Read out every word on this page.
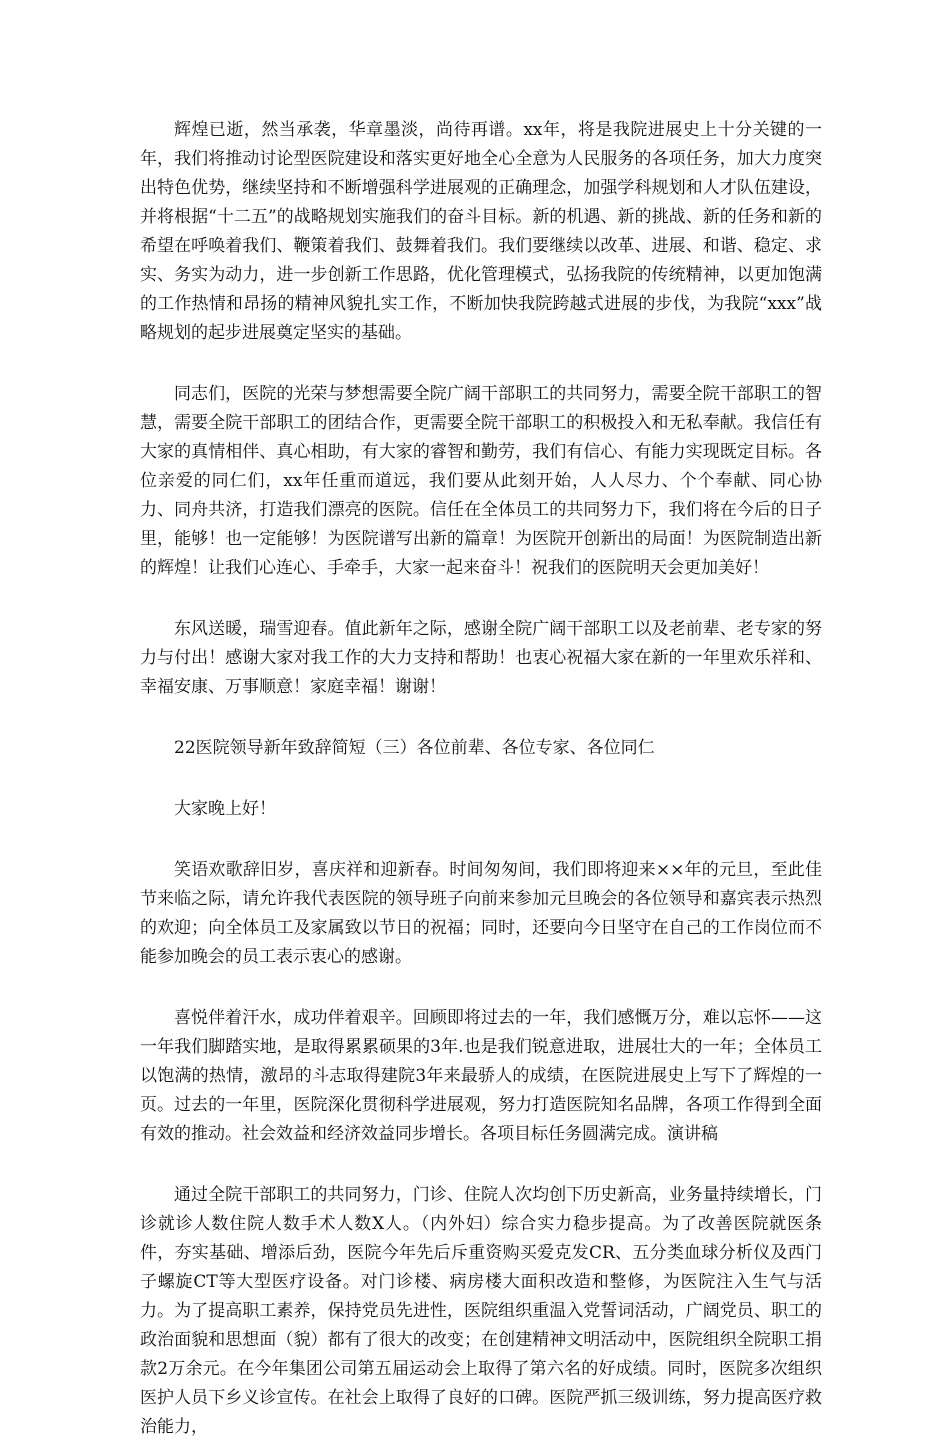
辉煌已逝，然当承袭，华章墨淡，尚待再谱。xx年，将是我院进展史上十分关键的一年，我们将推动讨论型医院建设和落实更好地全心全意为人民服务的各项任务，加大力度突出特色优势，继续坚持和不断增强科学进展观的正确理念，加强学科规划和人才队伍建设，并将根据“十二五”的战略规划实施我们的奋斗目标。新的机遇、新的挑战、新的任务和新的希望在呼唤着我们、鞭策着我们、鼓舞着我们。我们要继续以改革、进展、和谐、稳定、求实、务实为动力，进一步创新工作思路，优化管理模式，弘扬我院的传统精神，以更加饱满的工作热情和昂扬的精神风貌扎实工作，不断加快我院跨越式进展的步伐，为我院“xxx”战略规划的起步进展奠定坚实的基础。

同志们，医院的光荣与梦想需要全院广阔干部职工的共同努力，需要全院干部职工的智慧，需要全院干部职工的团结合作，更需要全院干部职工的积极投入和无私奉献。我信任有大家的真情相伴、真心相助，有大家的睿智和勤劳，我们有信心、有能力实现既定目标。各位亲爱的同仁们，xx年任重而道远，我们要从此刻开始，人人尽力、个个奉献、同心协力、同舟共济，打造我们漂亮的医院。信任在全体员工的共同努力下，我们将在今后的日子里，能够！也一定能够！为医院谱写出新的篇章！为医院开创新出的局面！为医院制造出新的辉煌！让我们心连心、手牵手，大家一起来奋斗！祝我们的医院明天会更加美好！

东风送暖，瑞雪迎春。值此新年之际，感谢全院广阔干部职工以及老前辈、老专家的努力与付出！感谢大家对我工作的大力支持和帮助！也衷心祝福大家在新的一年里欢乐祥和、幸福安康、万事顺意！家庭幸福！谢谢！

22医院领导新年致辞简短（三）各位前辈、各位专家、各位同仁

大家晚上好！

笑语欢歌辞旧岁，喜庆祥和迎新春。时间匆匆间，我们即将迎来××年的元旦，至此佳节来临之际，请允许我代表医院的领导班子向前来参加元旦晚会的各位领导和嘉宾表示热烈的欢迎；向全体员工及家属致以节日的祝福；同时，还要向今日坚守在自己的工作岗位而不能参加晚会的员工表示衷心的感谢。

喜悦伴着汗水，成功伴着艰辛。回顾即将过去的一年，我们感慨万分，难以忘怀——这一年我们脚踏实地，是取得累累硕果的3年.也是我们锐意进取，进展壮大的一年；全体员工以饱满的热情，激昂的斗志取得建院3年来最骄人的成绩，在医院进展史上写下了辉煌的一页。过去的一年里，医院深化贯彻科学进展观，努力打造医院知名品牌，各项工作得到全面有效的推动。社会效益和经济效益同步增长。各项目标任务圆满完成。演讲稿

通过全院干部职工的共同努力，门诊、住院人次均创下历史新高，业务量持续增长，门诊就诊人数住院人数手术人数X人。（内外妇）综合实力稳步提高。为了改善医院就医条件，夯实基础、增添后劲，医院今年先后斥重资购买爱克发CR、五分类血球分析仪及西门子螺旋CT等大型医疗设备。对门诊楼、病房楼大面积改造和整修，为医院注入生气与活力。为了提高职工素养，保持党员先进性，医院组织重温入党誓词活动，广阔党员、职工的政治面貌和思想面（貌）都有了很大的改变；在创建精神文明活动中，医院组织全院职工捐款2万余元。在今年集团公司第五届运动会上取得了第六名的好成绩。同时，医院多次组织医护人员下乡义诊宣传。在社会上取得了良好的口碑。医院严抓三级训练，努力提高医疗救治能力，
